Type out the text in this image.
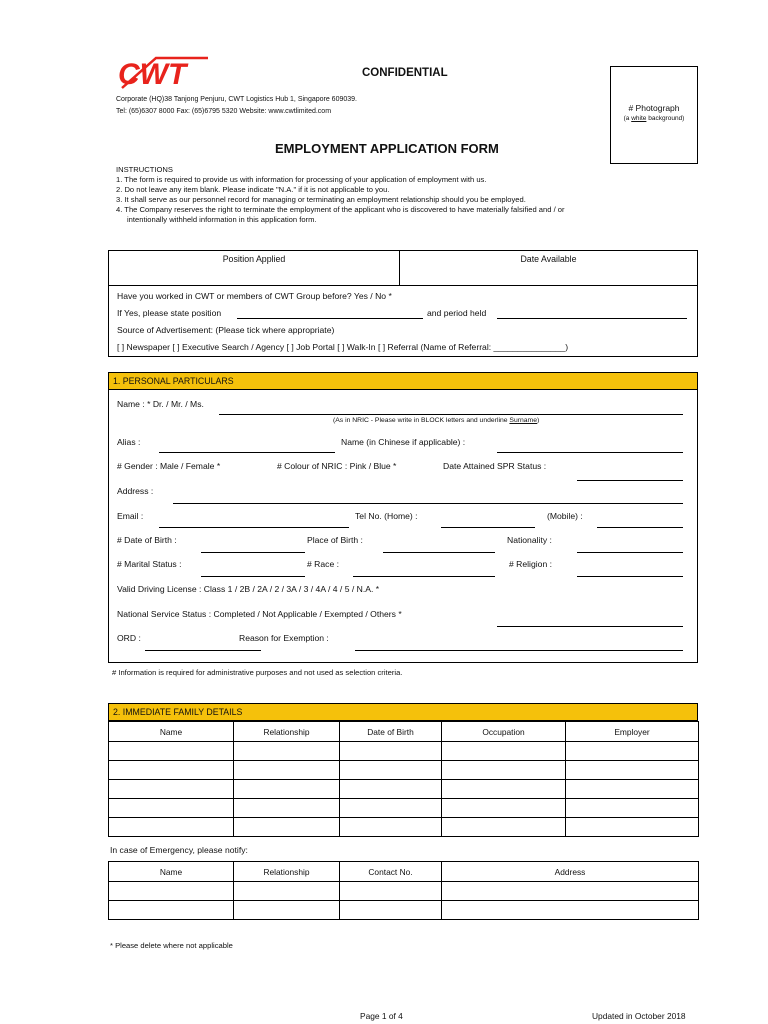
CWT	CONFIDENTIAL
Corporate (HQ)38 Tanjong Penjuru, CWT Logistics Hub 1, Singapore 609039.
Tel: (65)6307 8000 Fax: (65)6795 5320 Website: www.cwtlimited.com	# Photograph
(a white background)
EMPLOYMENT APPLICATION FORM
INSTRUCTIONS
1. The form is required to provide us with information for processing of your application of employment with us.
2. Do not leave any item blank. Please indicate "N.A." if it is not applicable to you.
3. It shall serve as our personnel record for managing or terminating an employment relationship should you be employed.
4. The Company reserves the right to terminate the employment of the applicant who is discovered to have materially falsified and / or
intentionally withheld information in this application form.
Position Applied	Date Available
Have you worked in CWT or members of CWT Group before? Yes / No *
If Yes, please state position	and period held
Source of Advertisement: (Please tick where appropriate)
[ ] Newspaper [ ] Executive Search / Agency [ ] Job Portal [ ] Walk-In [ ] Referral (Name of Referral: _______________)
1. PERSONAL PARTICULARS
Name : * Dr. / Mr. / Ms.
(As in NRIC - Please write in BLOCK letters and underline Surname)
Alias :	Name (in Chinese if applicable) :
# Gender : Male / Female *	# Colour of NRIC : Pink / Blue *	Date Attained SPR Status :
Address :
Email :	Tel No. (Home) :	(Mobile) :
# Date of Birth :	Place of Birth :	Nationality :
# Marital Status :	# Race :	# Religion :
Valid Driving License : Class 1 / 2B / 2A / 2 / 3A / 3 / 4A / 4 / 5 / N.A. *
National Service Status : Completed / Not Applicable / Exempted / Others *
ORD :	Reason for Exemption :
# Information is required for administrative purposes and not used as selection criteria.
2. IMMEDIATE FAMILY DETAILS
Name	Relationship	Date of Birth	Occupation	Employer

In case of Emergency, please notify:
Name	Relationship	Contact No.	Address

* Please delete where not applicable
Page 1 of 4	Updated in October 2018
